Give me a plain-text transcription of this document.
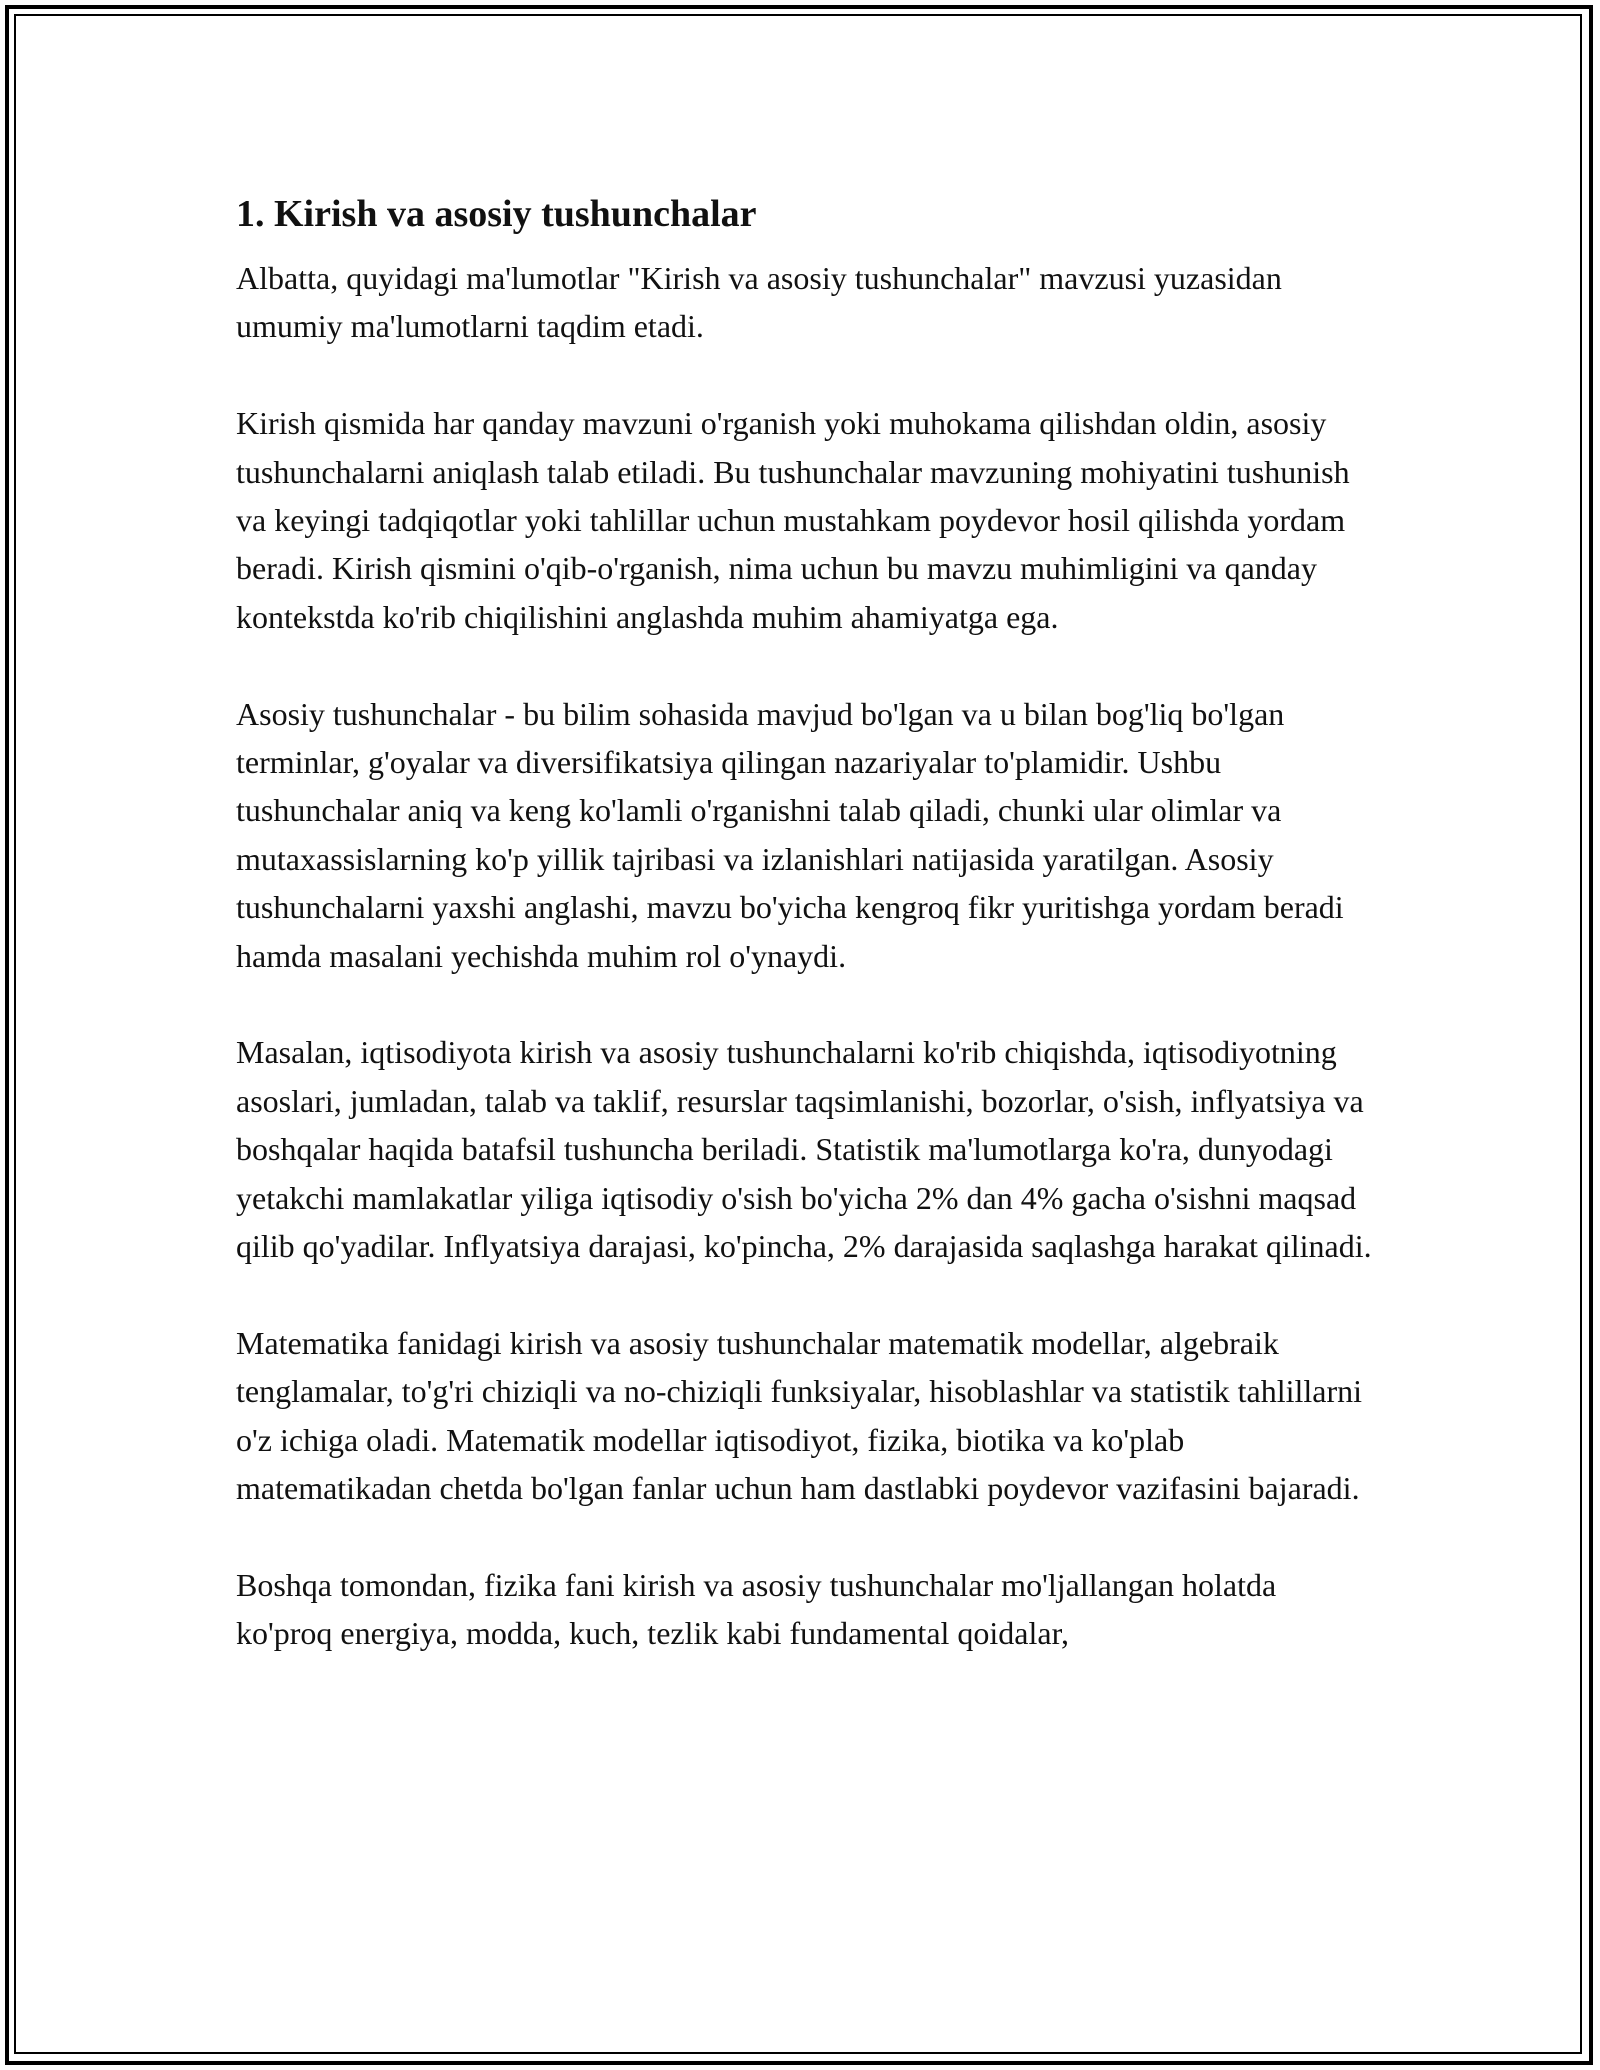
1. Kirish va asosiy tushunchalar

Albatta, quyidagi ma'lumotlar "Kirish va asosiy tushunchalar" mavzusi yuzasidan umumiy ma'lumotlarni taqdim etadi.

Kirish qismida har qanday mavzuni o'rganish yoki muhokama qilishdan oldin, asosiy tushunchalarni aniqlash talab etiladi. Bu tushunchalar mavzuning mohiyatini tushunish va keyingi tadqiqotlar yoki tahlillar uchun mustahkam poydevor hosil qilishda yordam beradi. Kirish qismini o'qib-o'rganish, nima uchun bu mavzu muhimligini va qanday kontekstda ko'rib chiqilishini anglashda muhim ahamiyatga ega.

Asosiy tushunchalar - bu bilim sohasida mavjud bo'lgan va u bilan bog'liq bo'lgan terminlar, g'oyalar va diversifikatsiya qilingan nazariyalar to'plamidir. Ushbu tushunchalar aniq va keng ko'lamli o'rganishni talab qiladi, chunki ular olimlar va mutaxassislarning ko'p yillik tajribasi va izlanishlari natijasida yaratilgan. Asosiy tushunchalarni yaxshi anglashi, mavzu bo'yicha kengroq fikr yuritishga yordam beradi hamda masalani yechishda muhim rol o'ynaydi.

Masalan, iqtisodiyota kirish va asosiy tushunchalarni ko'rib chiqishda, iqtisodiyotning asoslari, jumladan, talab va taklif, resurslar taqsimlanishi, bozorlar, o'sish, inflyatsiya va boshqalar haqida batafsil tushuncha beriladi. Statistik ma'lumotlarga ko'ra, dunyodagi yetakchi mamlakatlar yiliga iqtisodiy o'sish bo'yicha 2% dan 4% gacha o'sishni maqsad qilib qo'yadilar. Inflyatsiya darajasi, ko'pincha, 2% darajasida saqlashga harakat qilinadi.

Matematika fanidagi kirish va asosiy tushunchalar matematik modellar, algebraik tenglamalar, to'g'ri chiziqli va no-chiziqli funksiyalar, hisoblashlar va statistik tahlillarni o'z ichiga oladi. Matematik modellar iqtisodiyot, fizika, biotika va ko'plab matematikadan chetda bo'lgan fanlar uchun ham dastlabki poydevor vazifasini bajaradi.

Boshqa tomondan, fizika fani kirish va asosiy tushunchalar mo'ljallangan holatda ko'proq energiya, modda, kuch, tezlik kabi fundamental qoidalar,
